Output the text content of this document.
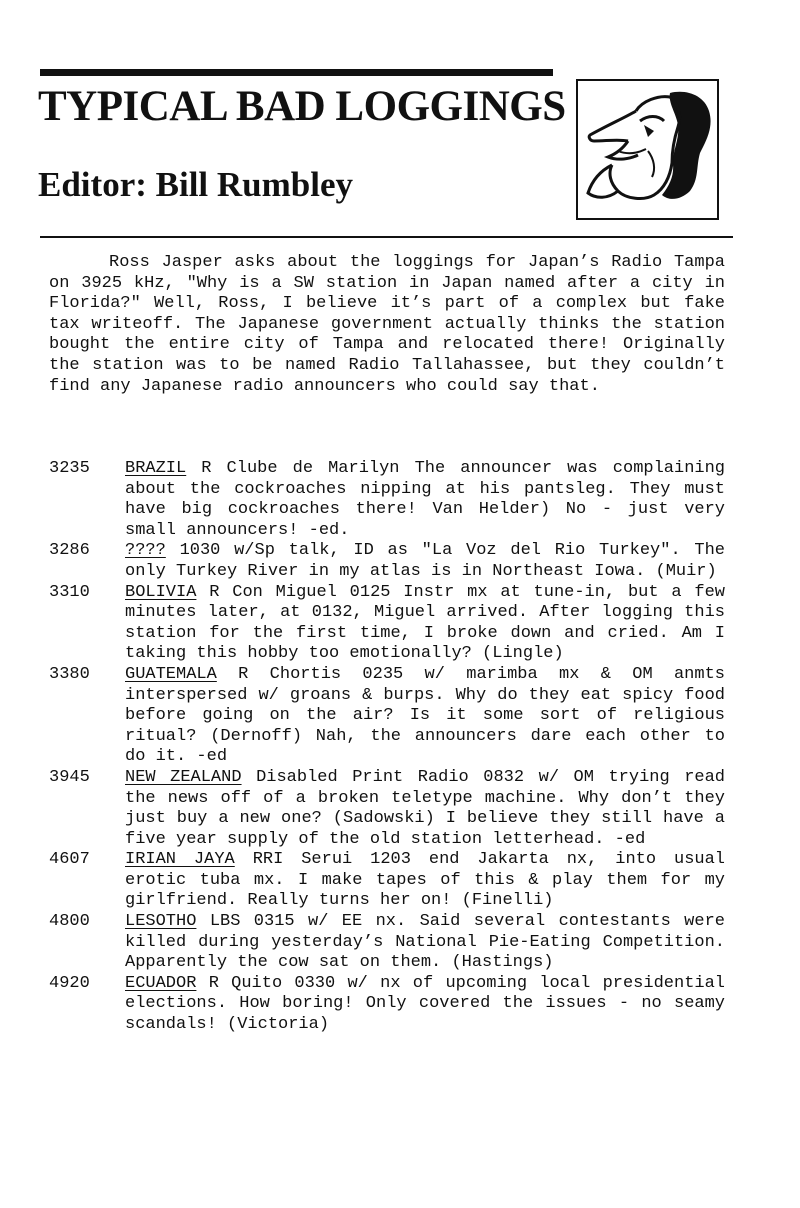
TYPICAL BAD LOGGINGS
Editor: Bill Rumbley

Ross Jasper asks about the loggings for Japan’s Radio Tampa on 3925 kHz, "Why is a SW station in Japan named after a city in Florida?" Well, Ross, I believe it’s part of a complex but fake tax writeoff. The Japanese government actually thinks the station bought the entire city of Tampa and relocated there! Originally the station was to be named Radio Tallahassee, but they couldn’t find any Japanese radio announcers who could say that.

3235 BRAZIL R Clube de Marilyn The announcer was complaining about the cockroaches nipping at his pantsleg. They must have big cockroaches there! Van Helder) No - just very small announcers! -ed.
3286 ???? 1030 w/Sp talk, ID as "La Voz del Rio Turkey". The only Turkey River in my atlas is in Northeast Iowa. (Muir)
3310 BOLIVIA R Con Miguel 0125 Instr mx at tune-in, but a few minutes later, at 0132, Miguel arrived. After logging this station for the first time, I broke down and cried. Am I taking this hobby too emotionally? (Lingle)
3380 GUATEMALA R Chortis 0235 w/ marimba mx & OM anmts interspersed w/ groans & burps. Why do they eat spicy food before going on the air? Is it some sort of religious ritual? (Dernoff) Nah, the announcers dare each other to do it. -ed
3945 NEW ZEALAND Disabled Print Radio 0832 w/ OM trying read the news off of a broken teletype machine. Why don’t they just buy a new one? (Sadowski) I believe they still have a five year supply of the old station letterhead. -ed
4607 IRIAN JAYA RRI Serui 1203 end Jakarta nx, into usual erotic tuba mx. I make tapes of this & play them for my girlfriend. Really turns her on! (Finelli)
4800 LESOTHO LBS 0315 w/ EE nx. Said several contestants were killed during yesterday’s National Pie-Eating Competition. Apparently the cow sat on them. (Hastings)
4920 ECUADOR R Quito 0330 w/ nx of upcoming local presidential elections. How boring! Only covered the issues - no seamy scandals! (Victoria)
